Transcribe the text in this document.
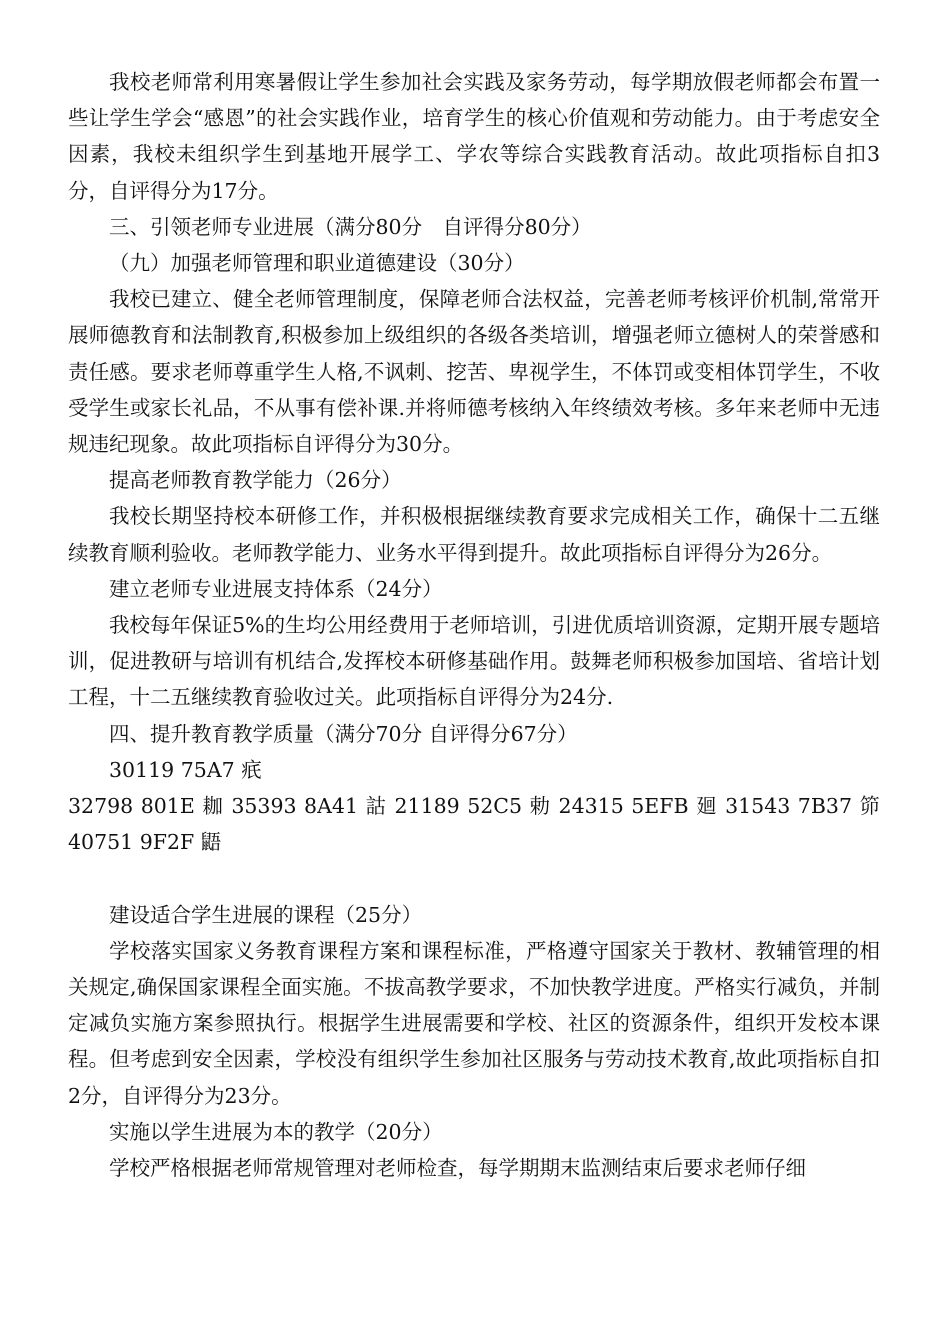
我校老师常利用寒暑假让学生参加社会实践及家务劳动，每学期放假老师都会布置一些让学生学会“感恩”的社会实践作业，培育学生的核心价值观和劳动能力。由于考虑安全因素，我校未组织学生到基地开展学工、学农等综合实践教育活动。故此项指标自扣3分，自评得分为17分。

三、引领老师专业进展（满分80分　自评得分80分）

（九）加强老师管理和职业道德建设（30分）

我校已建立、健全老师管理制度，保障老师合法权益，完善老师考核评价机制,常常开展师德教育和法制教育,积极参加上级组织的各级各类培训，增强老师立德树人的荣誉感和责任感。要求老师尊重学生人格,不讽刺、挖苦、卑视学生，不体罚或变相体罚学生，不收受学生或家长礼品，不从事有偿补课.并将师德考核纳入年终绩效考核。多年来老师中无违规违纪现象。故此项指标自评得分为30分。

提高老师教育教学能力（26分）

我校长期坚持校本研修工作，并积极根据继续教育要求完成相关工作，确保十二五继续教育顺利验收。老师教学能力、业务水平得到提升。故此项指标自评得分为26分。

建立老师专业进展支持体系（24分）

我校每年保证5%的生均公用经费用于老师培训，引进优质培训资源，定期开展专题培训，促进教研与培训有机结合,发挥校本研修基础作用。鼓舞老师积极参加国培、省培计划工程，十二五继续教育验收过关。此项指标自评得分为24分.

四、提升教育教学质量（满分70分 自评得分67分）

30119 75A7 疧

32798 801E 耞 35393 8A41 詁 21189 52C5 勅 24315 5EFB 廻 31543 7B37 笷 40751 9F2F 鼯

建设适合学生进展的课程（25分）

学校落实国家义务教育课程方案和课程标准，严格遵守国家关于教材、教辅管理的相关规定,确保国家课程全面实施。不拔高教学要求，不加快教学进度。严格实行减负，并制定减负实施方案参照执行。根据学生进展需要和学校、社区的资源条件，组织开发校本课程。但考虑到安全因素，学校没有组织学生参加社区服务与劳动技术教育,故此项指标自扣2分，自评得分为23分。

实施以学生进展为本的教学（20分）

学校严格根据老师常规管理对老师检查，每学期期末监测结束后要求老师仔细
